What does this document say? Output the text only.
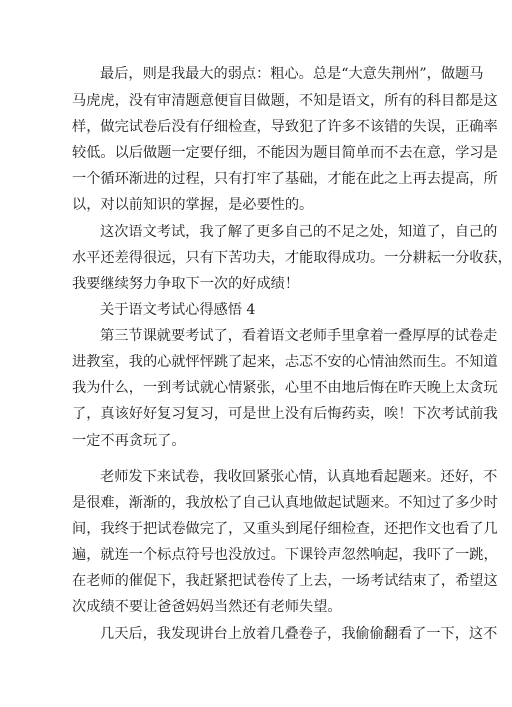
最后，则是我最大的弱点：粗心。总是“大意失荆州”，做题马
马虎虎，没有审清题意便盲目做题，不知是语文，所有的科目都是这
样，做完试卷后没有仔细检查，导致犯了许多不该错的失误，正确率
较低。以后做题一定要仔细，不能因为题目简单而不去在意，学习是
一个循环渐进的过程，只有打牢了基础，才能在此之上再去提高，所
以，对以前知识的掌握，是必要性的。
这次语文考试，我了解了更多自己的不足之处，知道了，自己的
水平还差得很远，只有下苦功夫，才能取得成功。一分耕耘一分收获，
我要继续努力争取下一次的好成绩！
关于语文考试心得感悟 4
第三节课就要考试了，看着语文老师手里拿着一叠厚厚的试卷走
进教室，我的心就怦怦跳了起来，忐忑不安的心情油然而生。不知道
我为什么，一到考试就心情紧张，心里不由地后悔在昨天晚上太贪玩
了，真该好好复习复习，可是世上没有后悔药卖，唉！下次考试前我
一定不再贪玩了。
老师发下来试卷，我收回紧张心情，认真地看起题来。还好，不
是很难，渐渐的，我放松了自己认真地做起试题来。不知过了多少时
间，我终于把试卷做完了，又重头到尾仔细检查，还把作文也看了几
遍，就连一个标点符号也没放过。下课铃声忽然响起，我吓了一跳，
在老师的催促下，我赶紧把试卷传了上去，一场考试结束了，希望这
次成绩不要让爸爸妈妈当然还有老师失望。
几天后，我发现讲台上放着几叠卷子，我偷偷翻看了一下，这不
